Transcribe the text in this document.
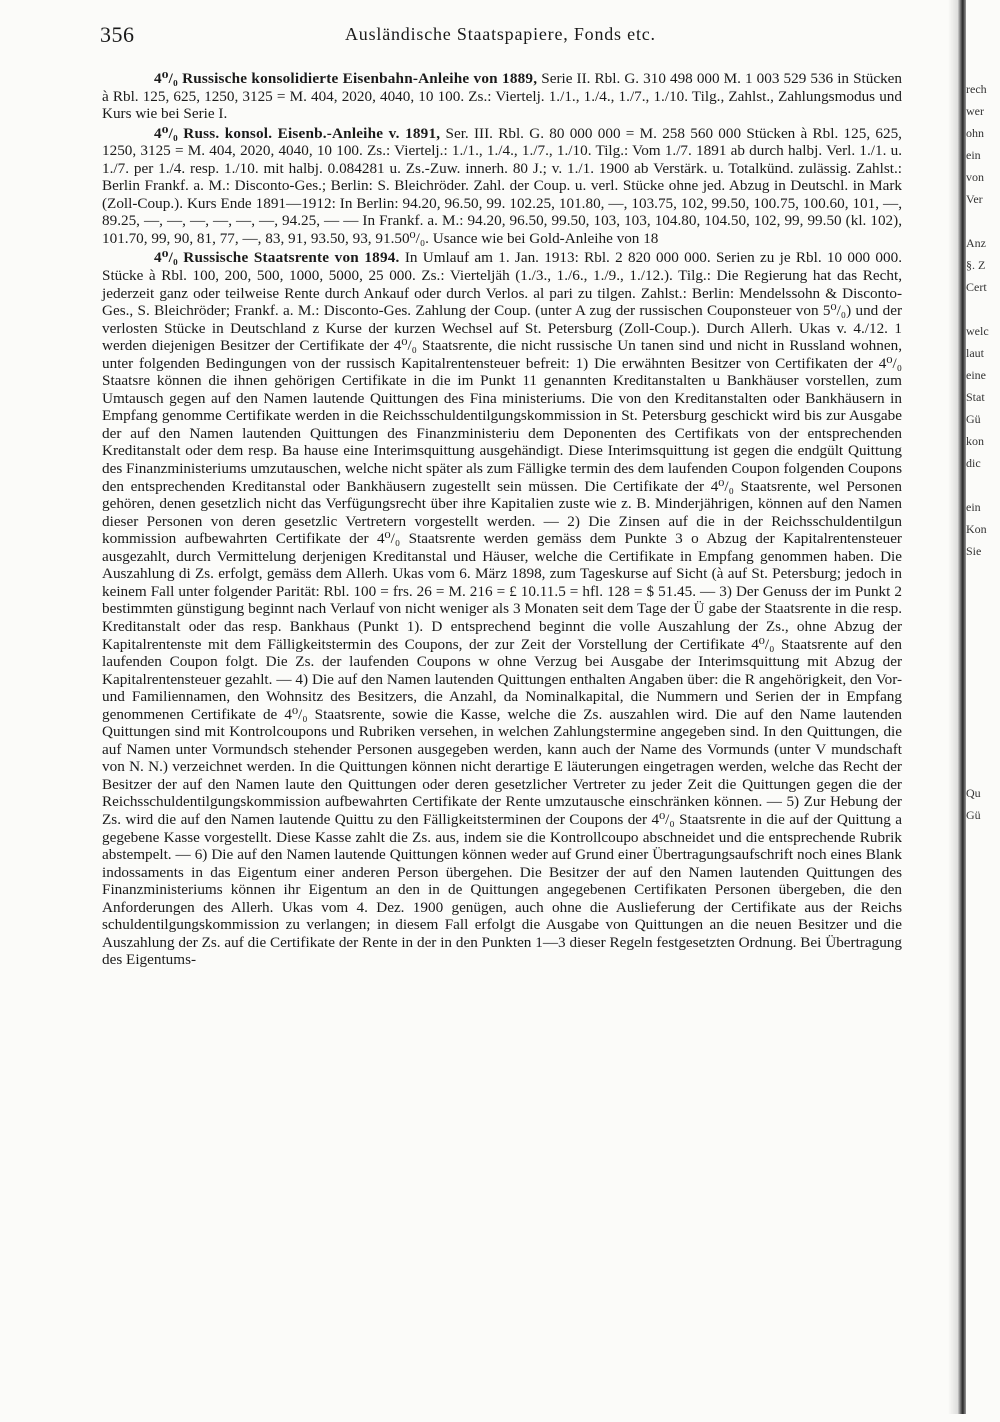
356	Ausländische Staatspapiere, Fonds etc.

4⁰/₀ Russische konsolidierte Eisenbahn-Anleihe von 1889, Serie II. Rbl. G. 310 498 000 M. 1 003 529 536 in Stücken à Rbl. 125, 625, 1250, 3125 = M. 404, 2020, 4040, 10 100. Zs.: Viertelj. 1./1., 1./4., 1./7., 1./10. Tilg., Zahlst., Zahlungsmodus und Kurs wie bei Serie I.

4⁰/₀ Russ. konsol. Eisenb.-Anleihe v. 1891, Ser. III. Rbl. G. 80 000 000 = M. 258 560 000 Stücken à Rbl. 125, 625, 1250, 3125 = M. 404, 2020, 4040, 10 100. Zs.: Viertelj.: 1./1., 1./4., 1./7., 1./10. Tilg.: Vom 1./7. 1891 ab durch halbj. Verl. 1./1. u. 1./7. per 1./4. resp. 1./10. mit halbj. 0.084281 u. Zs.-Zuw. innerh. 80 J.; v. 1./1. 1900 ab Verstärk. u. Totalkünd. zulässig. Zahlst.: Berlin Frankf. a. M.: Disconto-Ges.; Berlin: S. Bleichröder. Zahl. der Coup. u. verl. Stücke ohne jed. Abzug in Deutschl. in Mark (Zoll-Coup.). Kurs Ende 1891—1912: In Berlin: 94.20, 96.50, 99. 102.25, 101.80, —, 103.75, 102, 99.50, 100.75, 100.60, 101, —, 89.25, —, —, —, —, —, —, 94.25, — — In Frankf. a. M.: 94.20, 96.50, 99.50, 103, 103, 104.80, 104.50, 102, 99, 99.50 (kl. 102), 101.70, 99, 90, 81, 77, —, 83, 91, 93.50, 93, 91.50⁰/₀. Usance wie bei Gold-Anleihe von 18

4⁰/₀ Russische Staatsrente von 1894. In Umlauf am 1. Jan. 1913: Rbl. 2 820 000 000. Serien zu je Rbl. 10 000 000. Stücke à Rbl. 100, 200, 500, 1000, 5000, 25 000. Zs.: Vierteljäh (1./3., 1./6., 1./9., 1./12.). Tilg.: Die Regierung hat das Recht, jederzeit ganz oder teilweise Rente durch Ankauf oder durch Verlos. al pari zu tilgen. Zahlst.: Berlin: Mendelssohn & Disconto-Ges., S. Bleichröder; Frankf. a. M.: Disconto-Ges. Zahlung der Coup. (unter A zug der russischen Couponsteuer von 5⁰/₀) und der verlosten Stücke in Deutschland z Kurse der kurzen Wechsel auf St. Petersburg (Zoll-Coup.). Durch Allerh. Ukas v. 4./12. 1 werden diejenigen Besitzer der Certifikate der 4⁰/₀ Staatsrente, die nicht russische Un tanen sind und nicht in Russland wohnen, unter folgenden Bedingungen von der russisch Kapitalrentensteuer befreit: 1) Die erwähnten Besitzer von Certifikaten der 4⁰/₀ Staatsre können die ihnen gehörigen Certifikate in die im Punkt 11 genannten Kreditanstalten u Bankhäuser vorstellen, zum Umtausch gegen auf den Namen lautende Quittungen des Fina ministeriums. Die von den Kreditanstalten oder Bankhäusern in Empfang genomme Certifikate werden in die Reichsschuldentilgungskommission in St. Petersburg geschickt wird bis zur Ausgabe der auf den Namen lautenden Quittungen des Finanzministeriu dem Deponenten des Certifikats von der entsprechenden Kreditanstalt oder dem resp. Ba hause eine Interimsquittung ausgehändigt. Diese Interimsquittung ist gegen die endgült Quittung des Finanzministeriums umzutauschen, welche nicht später als zum Fälligke termin des dem laufenden Coupon folgenden Coupons den entsprechenden Kreditanstal oder Bankhäusern zugestellt sein müssen. Die Certifikate der 4⁰/₀ Staatsrente, wel Personen gehören, denen gesetzlich nicht das Verfügungsrecht über ihre Kapitalien zuste wie z. B. Minderjährigen, können auf den Namen dieser Personen von deren gesetzlic Vertretern vorgestellt werden. — 2) Die Zinsen auf die in der Reichsschuldentilgun kommission aufbewahrten Certifikate der 4⁰/₀ Staatsrente werden gemäss dem Punkte 3 o Abzug der Kapitalrentensteuer ausgezahlt, durch Vermittelung derjenigen Kreditanstal und Häuser, welche die Certifikate in Empfang genommen haben. Die Auszahlung di Zs. erfolgt, gemäss dem Allerh. Ukas vom 6. März 1898, zum Tageskurse auf Sicht (à auf St. Petersburg; jedoch in keinem Fall unter folgender Parität: Rbl. 100 = frs. 26 = M. 216 = £ 10.11.5 = hfl. 128 = $ 51.45. — 3) Der Genuss der im Punkt 2 bestimmten günstigung beginnt nach Verlauf von nicht weniger als 3 Monaten seit dem Tage der Ü gabe der Staatsrente in die resp. Kreditanstalt oder das resp. Bankhaus (Punkt 1). D entsprechend beginnt die volle Auszahlung der Zs., ohne Abzug der Kapitalrentenste mit dem Fälligkeitstermin des Coupons, der zur Zeit der Vorstellung der Certifikate 4⁰/₀ Staatsrente auf den laufenden Coupon folgt. Die Zs. der laufenden Coupons w ohne Verzug bei Ausgabe der Interimsquittung mit Abzug der Kapitalrentensteuer gezahlt. — 4) Die auf den Namen lautenden Quittungen enthalten Angaben über: die R angehörigkeit, den Vor- und Familiennamen, den Wohnsitz des Besitzers, die Anzahl, da Nominalkapital, die Nummern und Serien der in Empfang genommenen Certifikate de 4⁰/₀ Staatsrente, sowie die Kasse, welche die Zs. auszahlen wird. Die auf den Name lautenden Quittungen sind mit Kontrolcoupons und Rubriken versehen, in welchen Zahlungstermine angegeben sind. In den Quittungen, die auf Namen unter Vormundsch stehender Personen ausgegeben werden, kann auch der Name des Vormunds (unter V mundschaft von N. N.) verzeichnet werden. In die Quittungen können nicht derartige E läuterungen eingetragen werden, welche das Recht der Besitzer der auf den Namen laute den Quittungen oder deren gesetzlicher Vertreter zu jeder Zeit die Quittungen gegen die der Reichsschuldentilgungskommission aufbewahrten Certifikate der Rente umzutausche einschränken können. — 5) Zur Hebung der Zs. wird die auf den Namen lautende Quittu zu den Fälligkeitsterminen der Coupons der 4⁰/₀ Staatsrente in die auf der Quittung a gegebene Kasse vorgestellt. Diese Kasse zahlt die Zs. aus, indem sie die Kontrollcoupo abschneidet und die entsprechende Rubrik abstempelt. — 6) Die auf den Namen lautende Quittungen können weder auf Grund einer Übertragungsaufschrift noch eines Blank indossaments in das Eigentum einer anderen Person übergehen. Die Besitzer der auf den Namen lautenden Quittungen des Finanzministeriums können ihr Eigentum an den in de Quittungen angegebenen Certifikaten Personen übergeben, die den Anforderungen des Allerh. Ukas vom 4. Dez. 1900 genügen, auch ohne die Auslieferung der Certifikate aus der Reichs schuldentilgungskommission zu verlangen; in diesem Fall erfolgt die Ausgabe von Quittungen an die neuen Besitzer und die Auszahlung der Zs. auf die Certifikate der Rente in der in den Punkten 1—3 dieser Regeln festgesetzten Ordnung. Bei Übertragung des Eigentums-

rech
wer
ohn
ein
von
Ver
Anz
§. Z
Cert
welc
laut
eine
Stat
Gü
kon
dic
ein
Kon
Sie
Qu
Gü
